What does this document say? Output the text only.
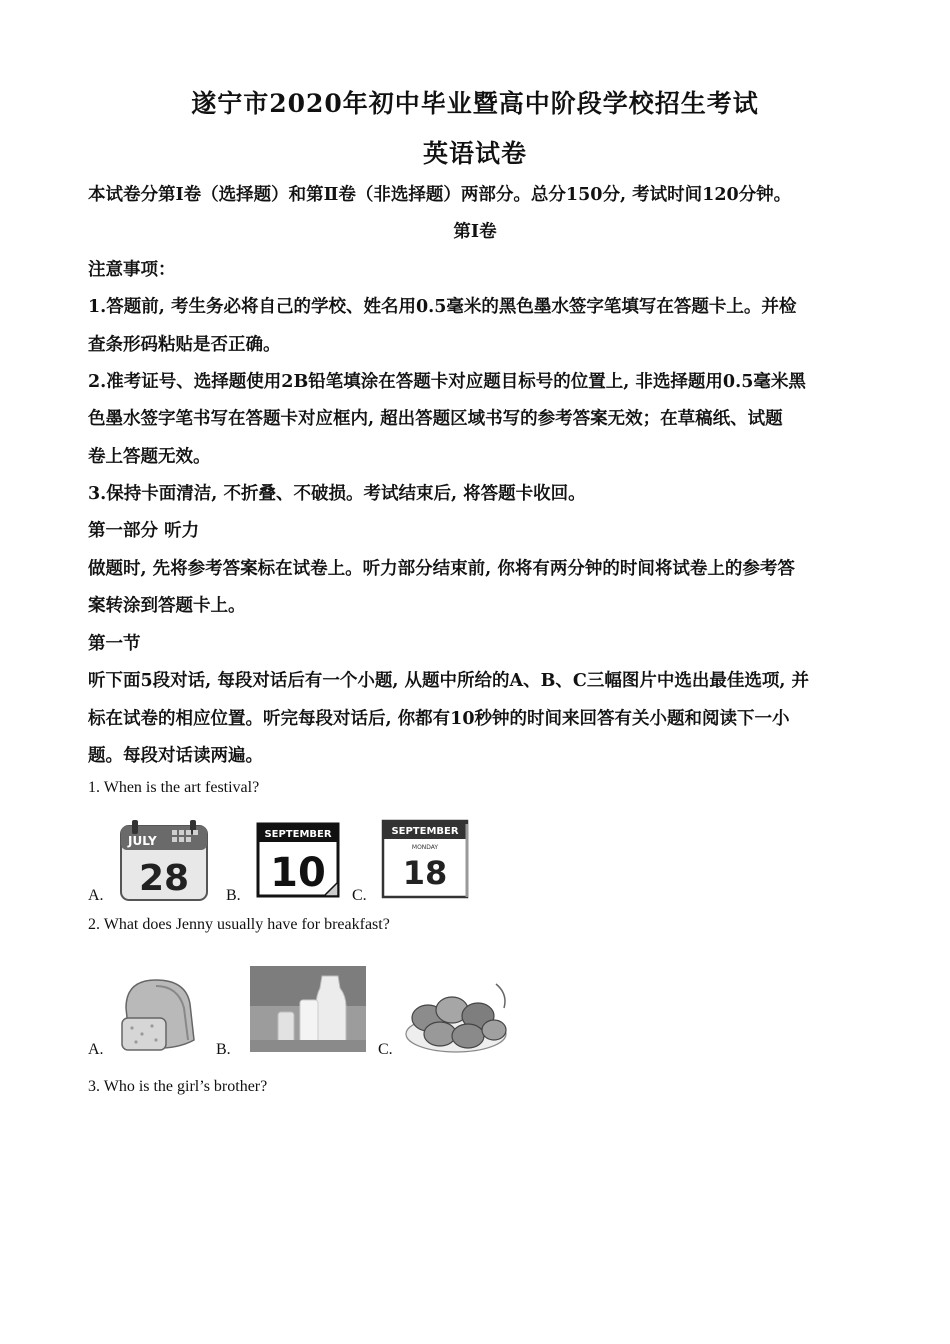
遂宁市2020年初中毕业暨高中阶段学校招生考试
英语试卷
本试卷分第Ⅰ卷（选择题）和第Ⅱ卷（非选择题）两部分。总分150分, 考试时间120分钟。
第Ⅰ卷
注意事项：
1.答题前, 考生务必将自己的学校、姓名用0.5毫米的黑色墨水签字笔填写在答题卡上。并检
查条形码粘贴是否正确。
2.准考证号、选择题使用2B铅笔填涂在答题卡对应题目标号的位置上, 非选择题用0.5毫米黑
色墨水签字笔书写在答题卡对应框内, 超出答题区域书写的参考答案无效；在草稿纸、试题
卷上答题无效。
3.保持卡面清洁, 不折叠、不破损。考试结束后, 将答题卡收回。
第一部分 听力
做题时, 先将参考答案标在试卷上。听力部分结束前, 你将有两分钟的时间将试卷上的参考答
案转涂到答题卡上。
第一节
听下面5段对话, 每段对话后有一个小题, 从题中所给的A、B、C三幅图片中选出最佳选项, 并
标在试卷的相应位置。听完每段对话后, 你都有10秒钟的时间来回答有关小题和阅读下一小
题。每段对话读两遍。
1. When is the art festival?
A.
JULY
28 B.
SEPTEMBER
10 C.
SEPTEMBER
MONDAY
18
2. What does Jenny usually have for breakfast?
A.	B.	C.
3. Who is the girl’s brother?
